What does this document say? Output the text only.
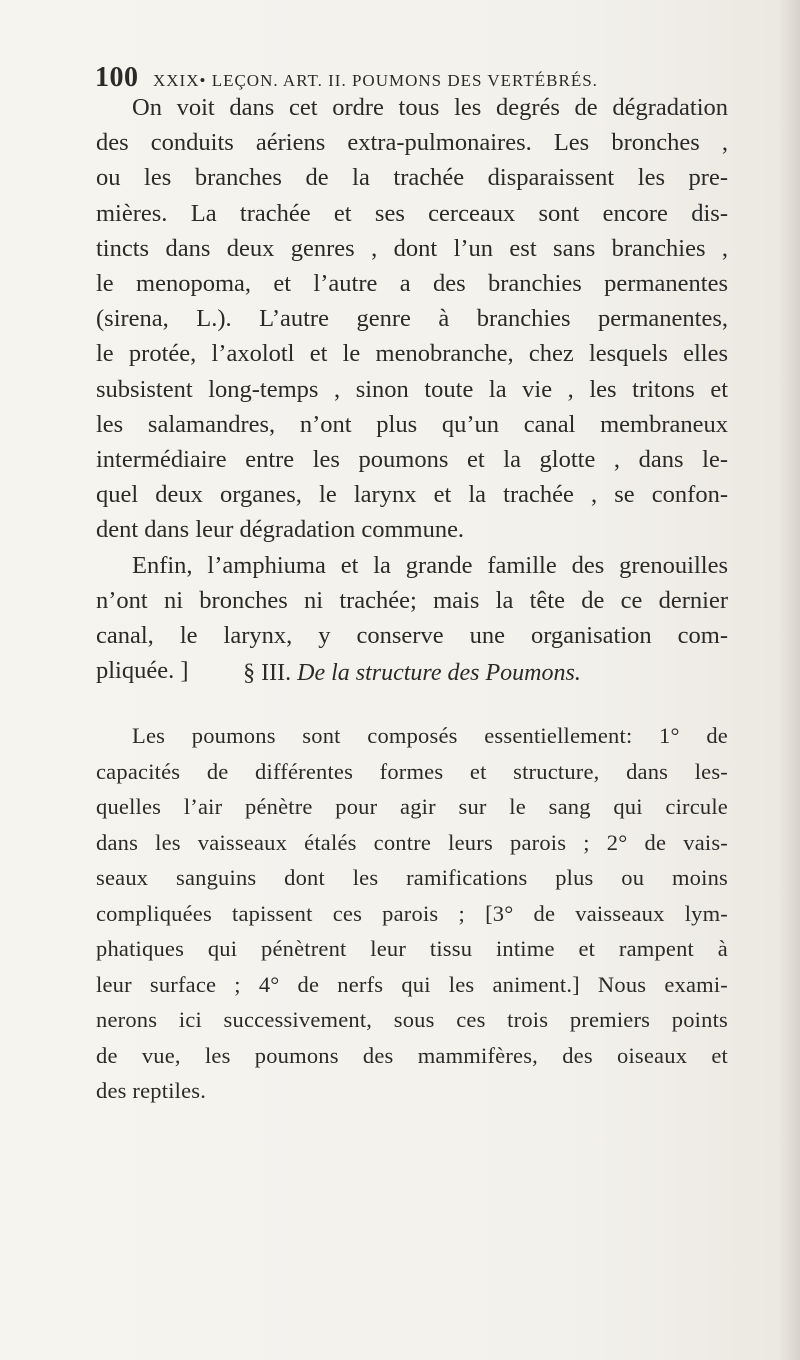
100 XXIX• LEÇON. ART. II. POUMONS DES VERTÉBRÉS.
On voit dans cet ordre tous les degrés de dégradation
des conduits aériens extra-pulmonaires. Les bronches ,
ou les branches de la trachée disparaissent les pre-
mières. La trachée et ses cerceaux sont encore dis-
tincts dans deux genres , dont l’un est sans branchies ,
le menopoma, et l’autre a des branchies permanentes
(sirena, L.). L’autre genre à branchies permanentes,
le protée, l’axolotl et le menobranche, chez lesquels elles
subsistent long-temps , sinon toute la vie , les tritons et
les salamandres, n’ont plus qu’un canal membraneux
intermédiaire entre les poumons et la glotte , dans le-
quel deux organes, le larynx et la trachée , se confon-
dent dans leur dégradation commune.
Enfin, l’amphiuma et la grande famille des grenouilles
n’ont ni bronches ni trachée; mais la tête de ce dernier
canal, le larynx, y conserve une organisation com-
pliquée. ]	§ III. De la structure des Poumons.
Les poumons sont composés essentiellement: 1° de
capacités de différentes formes et structure, dans les-
quelles l’air pénètre pour agir sur le sang qui circule
dans les vaisseaux étalés contre leurs parois ; 2° de vais-
seaux sanguins dont les ramifications plus ou moins
compliquées tapissent ces parois ; [3° de vaisseaux lym-
phatiques qui pénètrent leur tissu intime et rampent à
leur surface ; 4° de nerfs qui les animent.] Nous exami-
nerons ici successivement, sous ces trois premiers points
de vue, les poumons des mammifères, des oiseaux et
des reptiles.
